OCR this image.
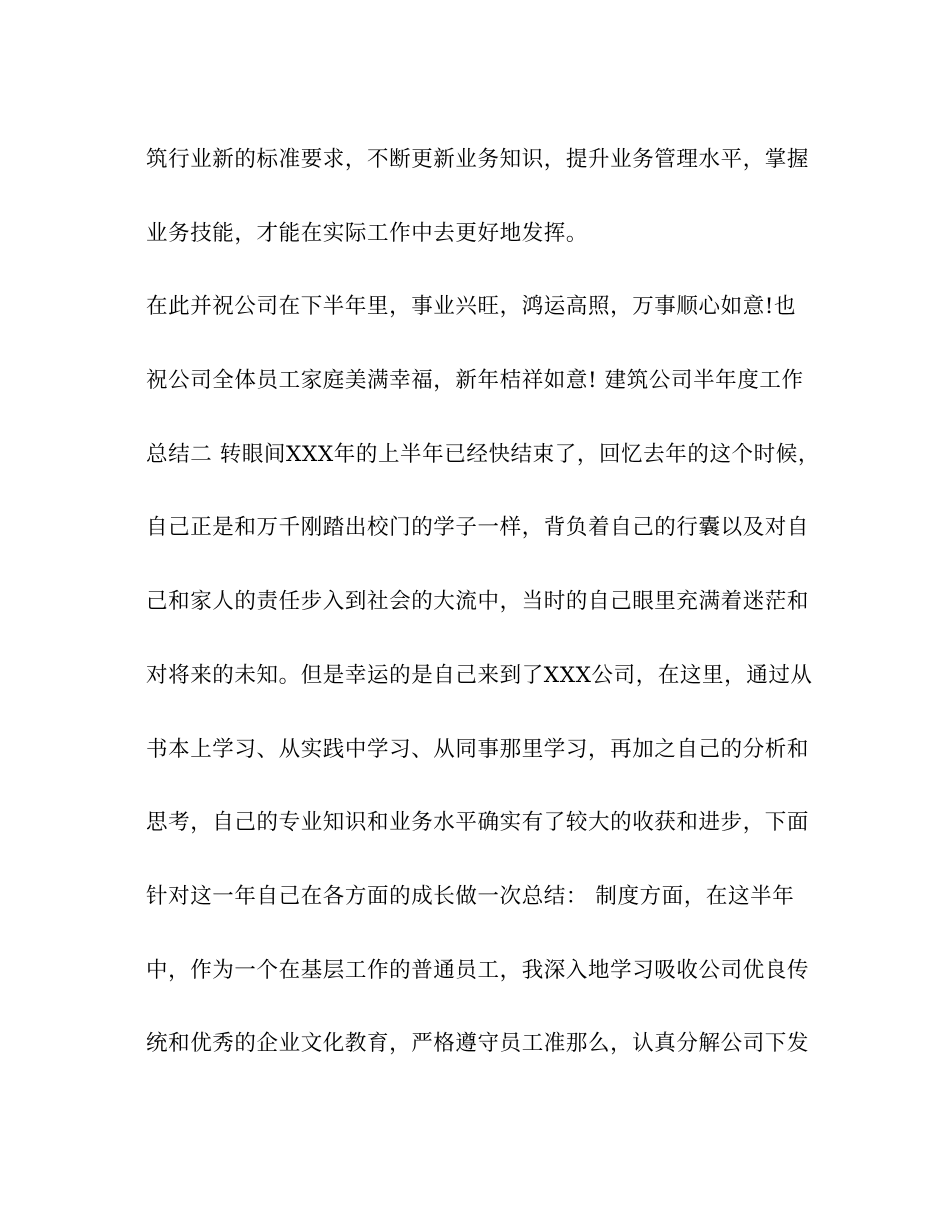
筑行业新的标准要求，不断更新业务知识，提升业务管理水平，掌握
业务技能，才能在实际工作中去更好地发挥。
在此并祝公司在下半年里，事业兴旺，鸿运高照，万事顺心如意!也
祝公司全体员工家庭美满幸福，新年桔祥如意! 建筑公司半年度工作
总结二 转眼间XXX年的上半年已经快结束了，回忆去年的这个时候，
自己正是和万千刚踏出校门的学子一样，背负着自己的行囊以及对自
己和家人的责任步入到社会的大流中，当时的自己眼里充满着迷茫和
对将来的未知。但是幸运的是自己来到了XXX公司，在这里，通过从
书本上学习、从实践中学习、从同事那里学习，再加之自己的分析和
思考，自己的专业知识和业务水平确实有了较大的收获和进步，下面
针对这一年自己在各方面的成长做一次总结： 制度方面，在这半年
中，作为一个在基层工作的普通员工，我深入地学习吸收公司优良传
统和优秀的企业文化教育，严格遵守员工准那么，认真分解公司下发
